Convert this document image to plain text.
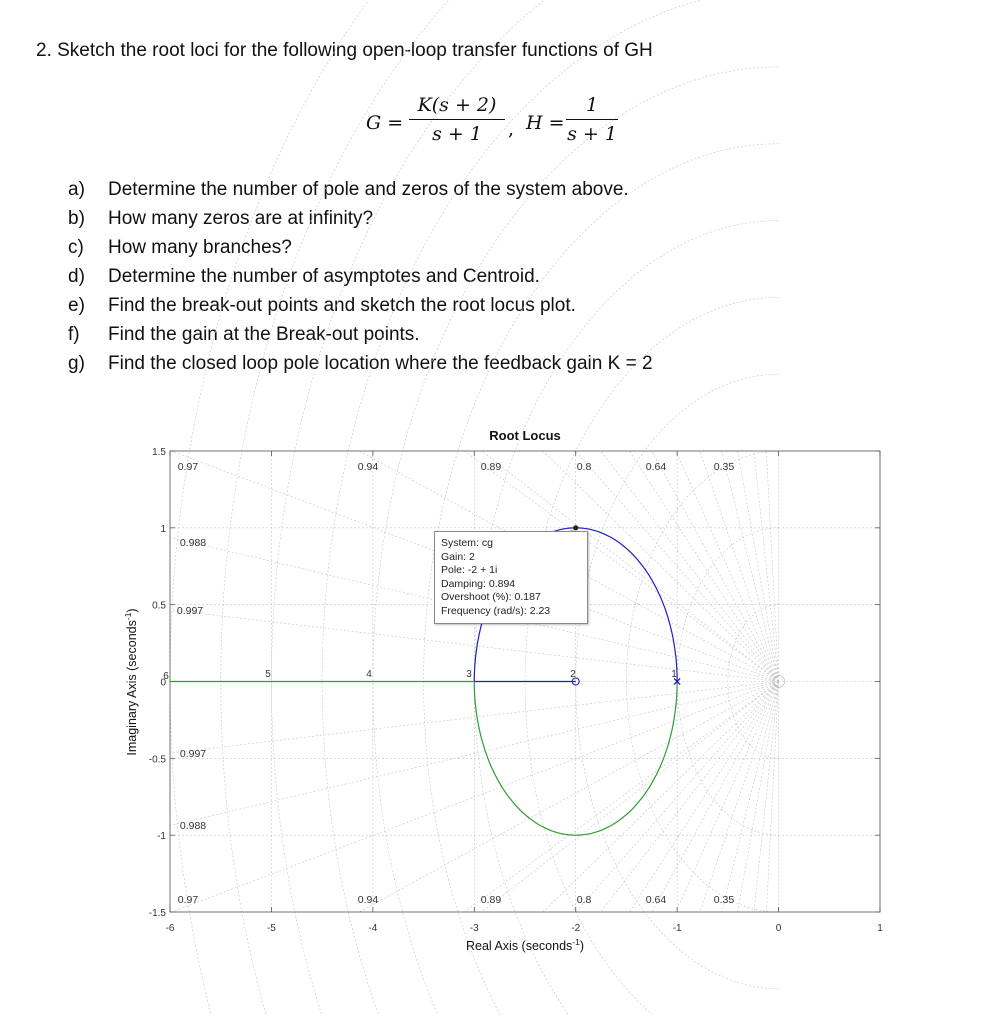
2. Sketch the root loci for the following open-loop transfer functions of GH
$G = \frac{K(s + 2)}{s + 1}$ , $H = \frac{1}{s + 1}$
a) Determine the number of pole and zeros of the system above.
b) How many zeros are at infinity?
c) How many branches?
d) Determine the number of asymptotes and Centroid.
e) Find the break-out points and sketch the root locus plot.
f) Find the gain at the Break-out points.
g) Find the closed loop pole location where the feedback gain K = 2
Root Locus
-6	-5	-4	-3	-2	-1	0	1
1.5
1
0.5
0
-0.5
-1
-1.5
0.97
0.97
0.94
0.94
0.89
0.89
0.8
0.8
0.64
0.64
0.35
0.35
0.988
0.997
0.997
0.988
6	5	4	3	2	1
Real Axis (seconds$^{-1}$)
Imaginary Axis (seconds$^{-1}$)
System: cg
Gain: 2
Pole: -2 + 1i
Damping: 0.894
Overshoot (%): 0.187
Frequency (rad/s): 2.23
